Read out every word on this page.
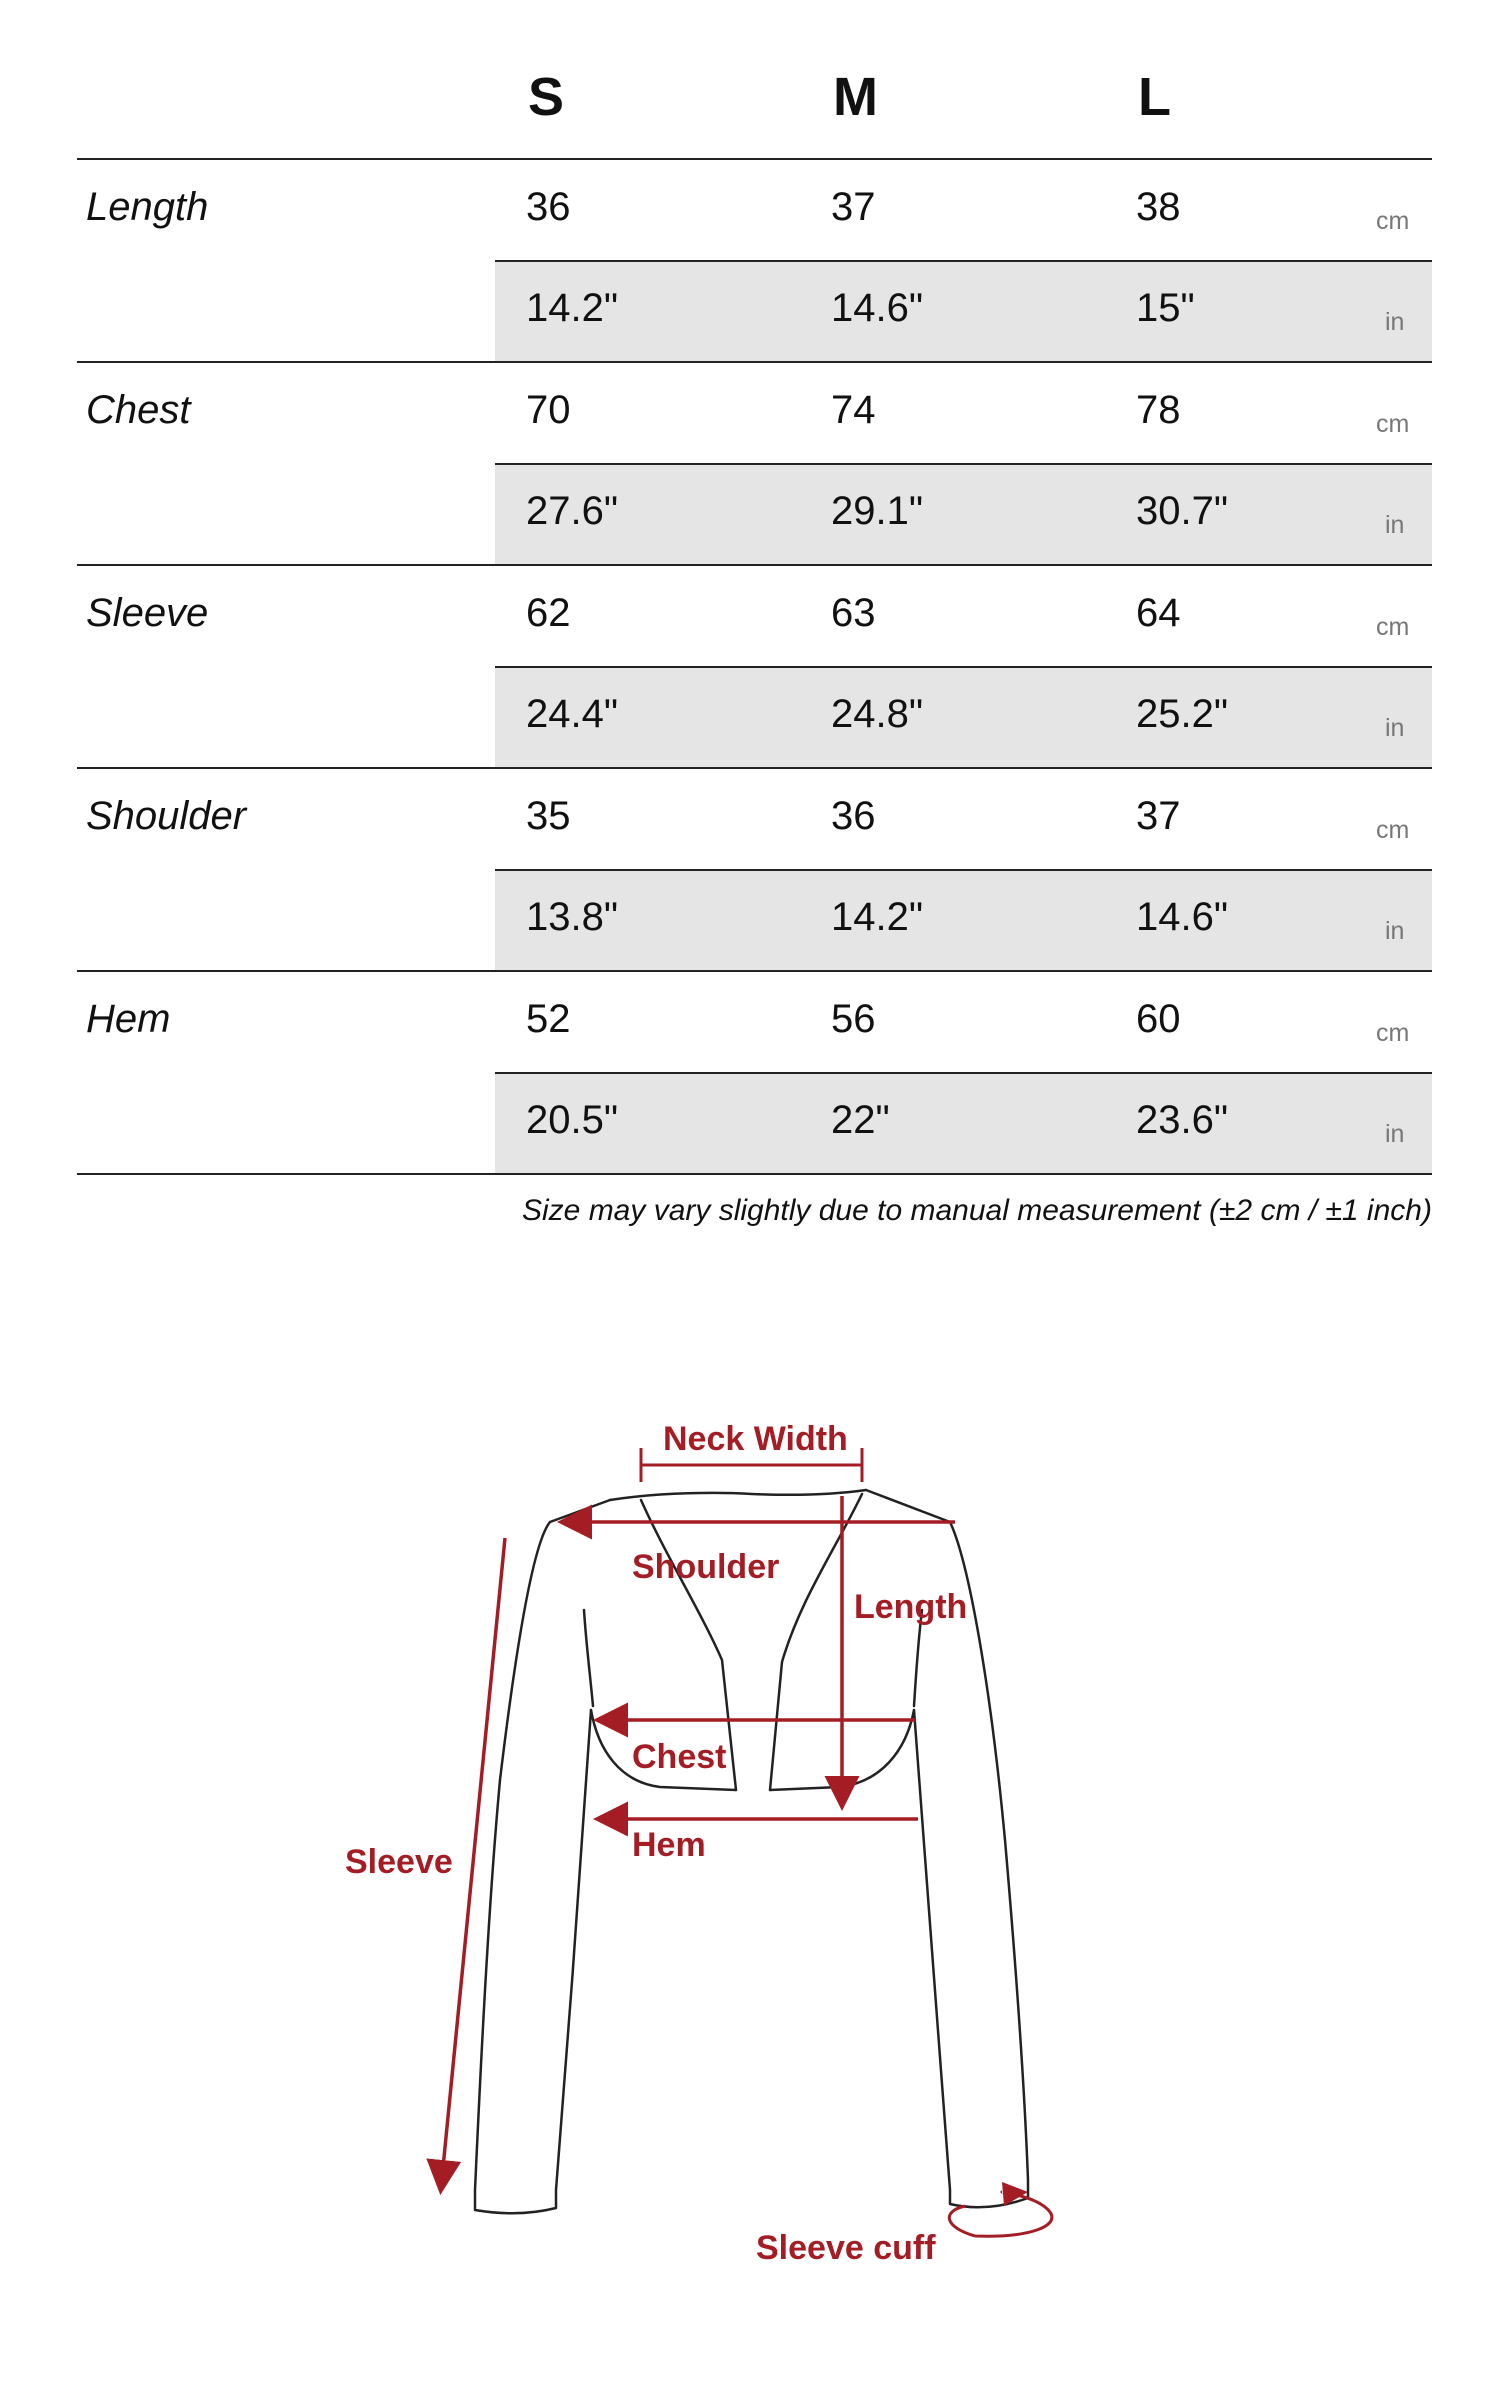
S	M	L
Length	36	37	38	cm
14.2"	14.6"	15"	in
Chest	70	74	78	cm
27.6"	29.1"	30.7"	in
Sleeve	62	63	64	cm
24.4"	24.8"	25.2"	in
Shoulder	35	36	37	cm
13.8"	14.2"	14.6"	in
Hem	52	56	60	cm
20.5"	22"	23.6"	in
Size may vary slightly due to manual measurement (±2 cm / ±1 inch)
Neck Width
Shoulder
Length
Chest
Hem
Sleeve
Sleeve cuff
